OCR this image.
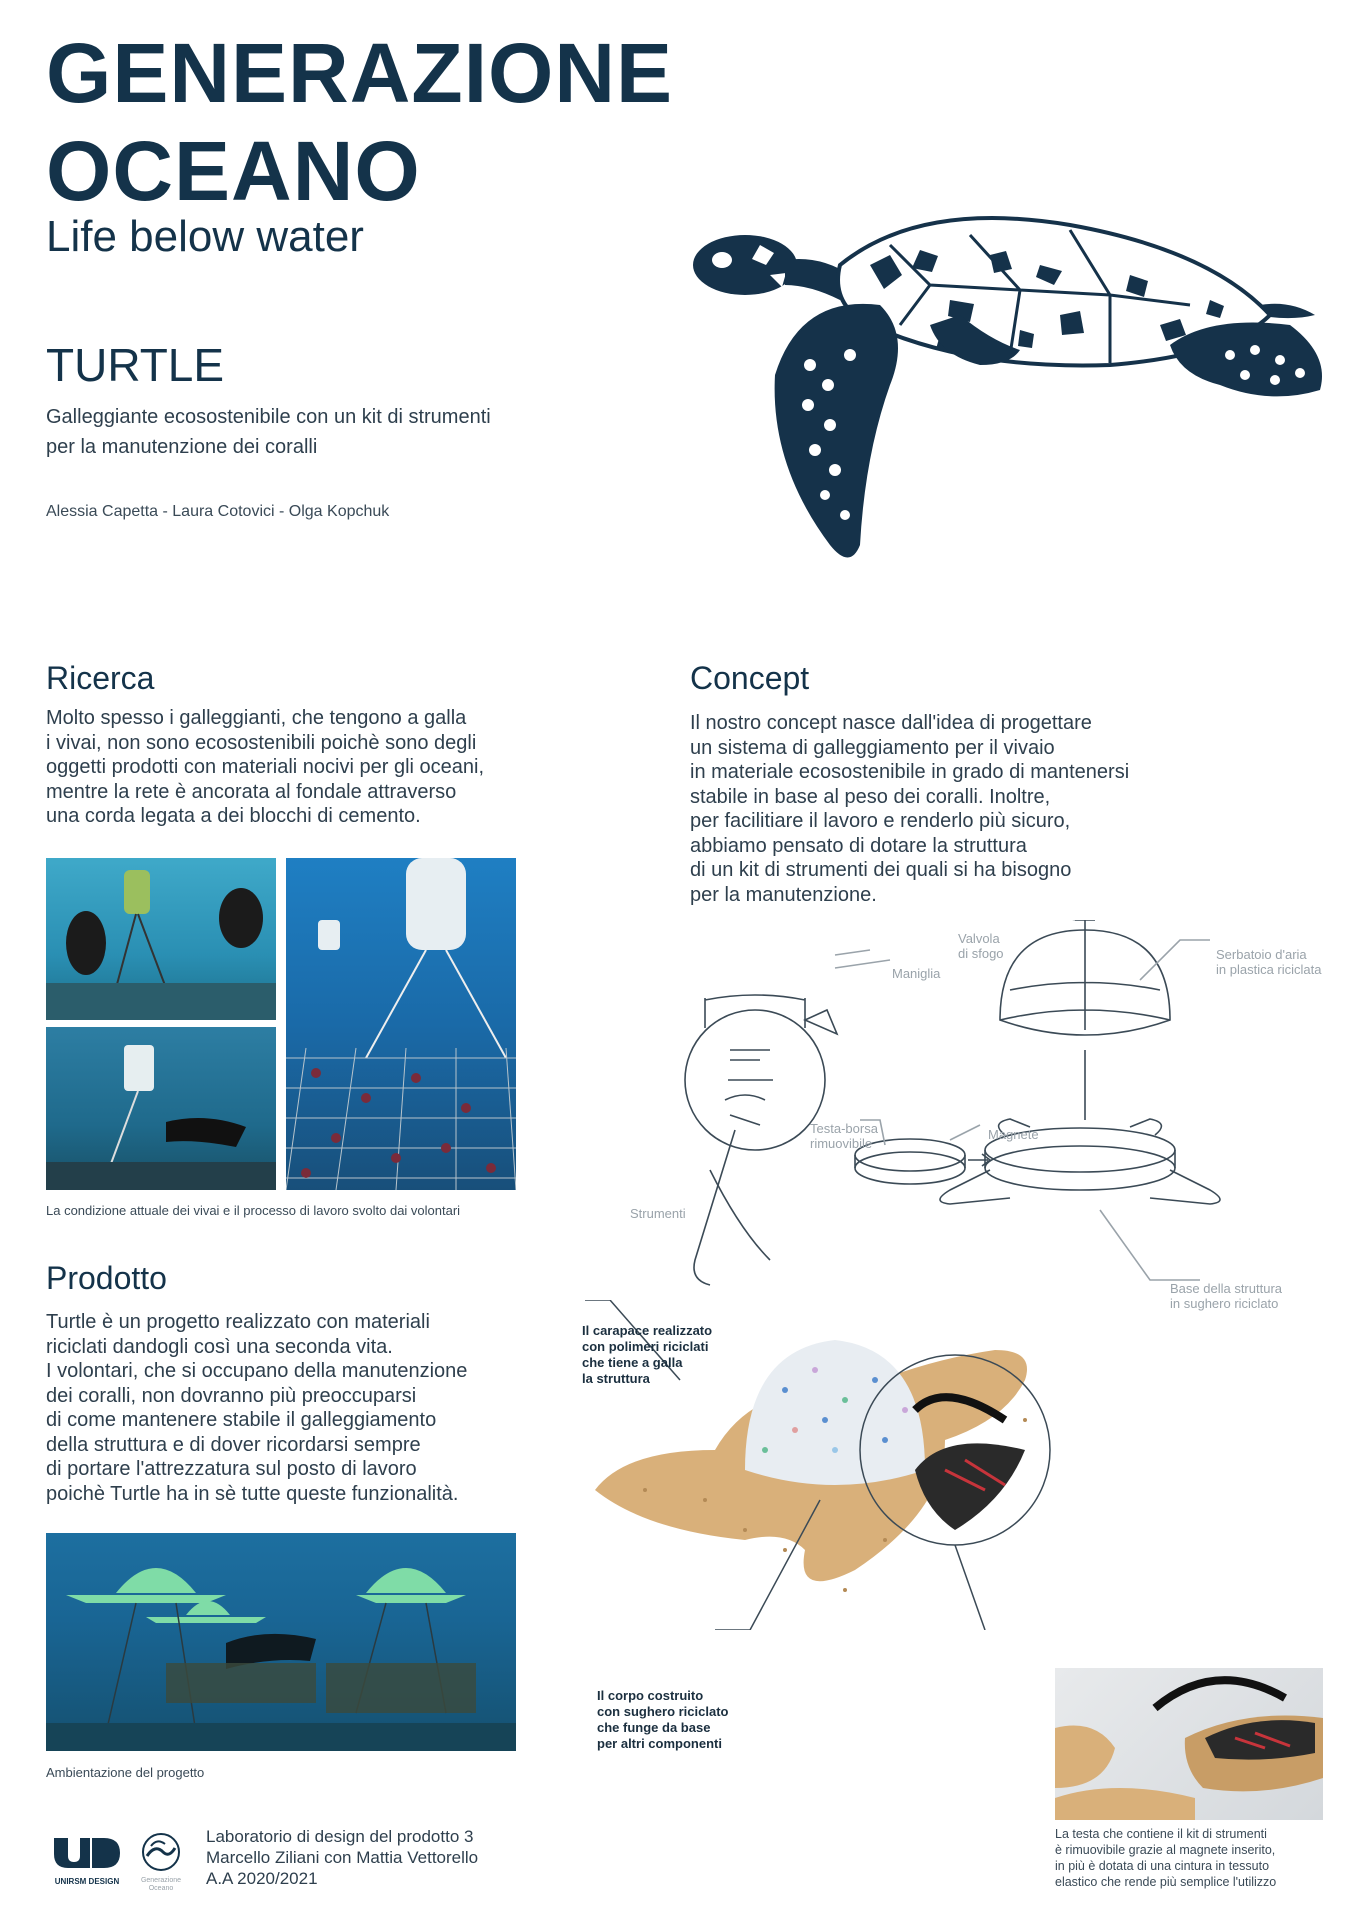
GENERAZIONE
OCEANO
Life below water
TURTLE
Galleggiante ecosostenibile con un kit di strumenti
per la manutenzione dei coralli
Alessia Capetta - Laura Cotovici - Olga Kopchuk
Ricerca
Molto spesso i galleggianti, che tengono a galla
i vivai, non sono ecosostenibili poichè sono degli
oggetti prodotti con materiali nocivi per gli oceani,
mentre la rete è ancorata al fondale attraverso
una corda legata a dei blocchi di cemento.
La condizione attuale dei vivai e il processo di lavoro svolto dai volontari
Concept
Il nostro concept nasce dall'idea di progettare
un sistema di galleggiamento per il vivaio
in materiale ecosostenibile in grado di mantenersi
stabile in base al peso dei coralli. Inoltre,
per facilitiare il lavoro e renderlo più sicuro,
abbiamo pensato di dotare la struttura
di un kit di strumenti dei quali si ha bisogno
per la manutenzione.
Valvola
di sfogo
Maniglia
Serbatoio d'aria
in plastica riciclata
Testa-borsa
rimuovibile
Magnete
Strumenti
Base della struttura
in sughero riciclato
Prodotto
Turtle è un progetto realizzato con materiali
riciclati dandogli così una seconda vita.
I volontari, che si occupano della manutenzione
dei coralli, non dovranno più preoccuparsi
di come mantenere stabile il galleggiamento
della struttura e di dover ricordarsi sempre
di portare l'attrezzatura sul posto di lavoro
poichè Turtle ha in sè tutte queste funzionalità.
Ambientazione del progetto
Il carapace realizzato
con polimeri riciclati
che tiene a galla
la struttura
Il corpo costruito
con sughero riciclato
che funge da base
per altri componenti
La testa che contiene il kit di strumenti
è rimuovibile grazie al magnete inserito,
in più è dotata di una cintura in tessuto
elastico che rende più semplice l'utilizzo
UNIRSM DESIGN	Generazione
Oceano
Laboratorio di design del prodotto 3
Marcello Ziliani con Mattia Vettorello
A.A 2020/2021
